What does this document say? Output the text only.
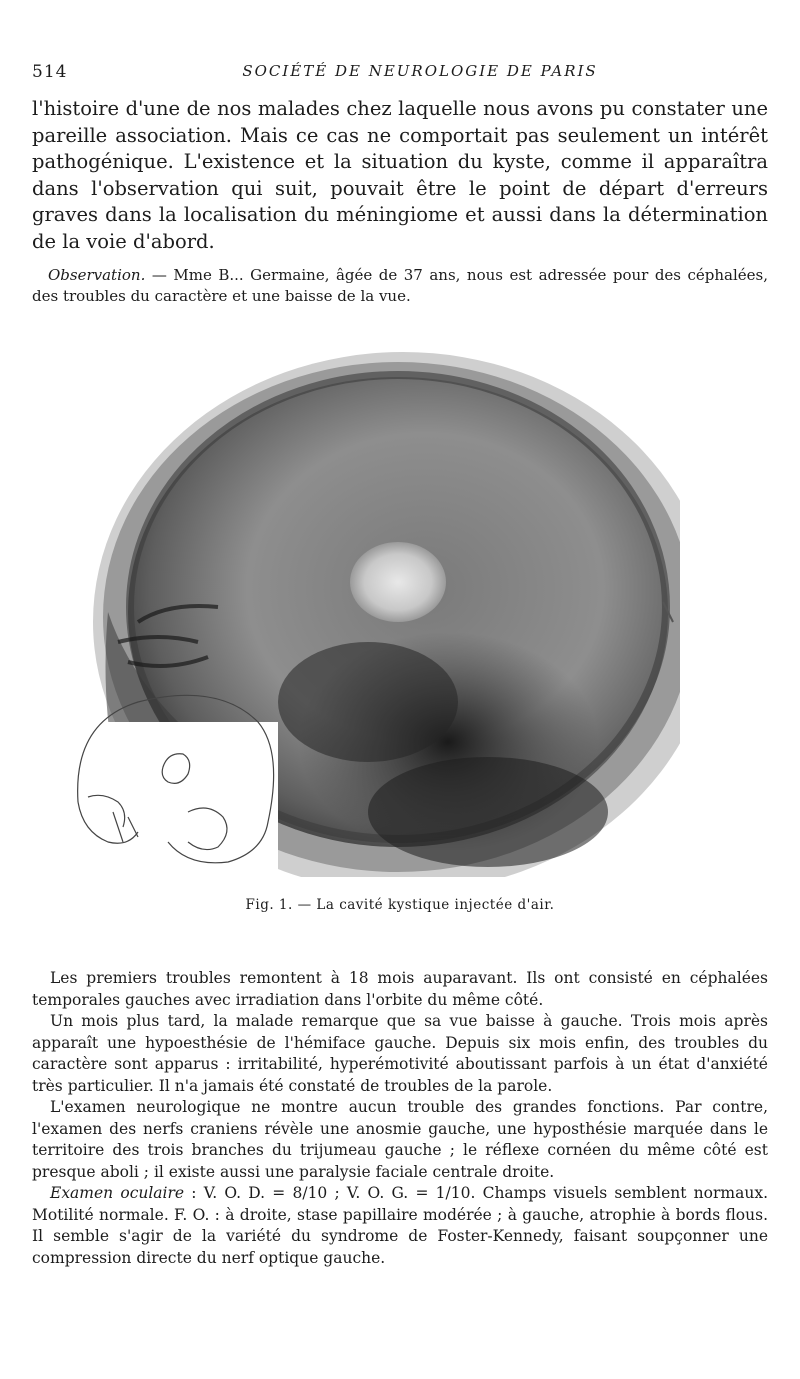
514	SOCIÉTÉ DE NEUROLOGIE DE PARIS

l'histoire d'une de nos malades chez laquelle nous avons pu constater une pareille association. Mais ce cas ne comportait pas seulement un intérêt pathogénique. L'existence et la situation du kyste, comme il apparaîtra dans l'observation qui suit, pouvait être le point de départ d'erreurs graves dans la localisation du méningiome et aussi dans la détermination de la voie d'abord.

Observation. — Mme B... Germaine, âgée de 37 ans, nous est adressée pour des céphalées, des troubles du caractère et une baisse de la vue.

Fig. 1. — La cavité kystique injectée d'air.

Les premiers troubles remontent à 18 mois auparavant. Ils ont consisté en céphalées temporales gauches avec irradiation dans l'orbite du même côté.

Un mois plus tard, la malade remarque que sa vue baisse à gauche. Trois mois après apparaît une hypoesthésie de l'hémiface gauche. Depuis six mois enfin, des troubles du caractère sont apparus : irritabilité, hyperémotivité aboutissant parfois à un état d'anxiété très particulier. Il n'a jamais été constaté de troubles de la parole.

L'examen neurologique ne montre aucun trouble des grandes fonctions. Par contre, l'examen des nerfs craniens révèle une anosmie gauche, une hyposthésie marquée dans le territoire des trois branches du trijumeau gauche ; le réflexe cornéen du même côté est presque aboli ; il existe aussi une paralysie faciale centrale droite.

Examen oculaire : V. O. D. = 8/10 ; V. O. G. = 1/10. Champs visuels semblent normaux. Motilité normale. F. O. : à droite, stase papillaire modérée ; à gauche, atrophie à bords flous. Il semble s'agir de la variété du syndrome de Foster-Kennedy, faisant soupçonner une compression directe du nerf optique gauche.
